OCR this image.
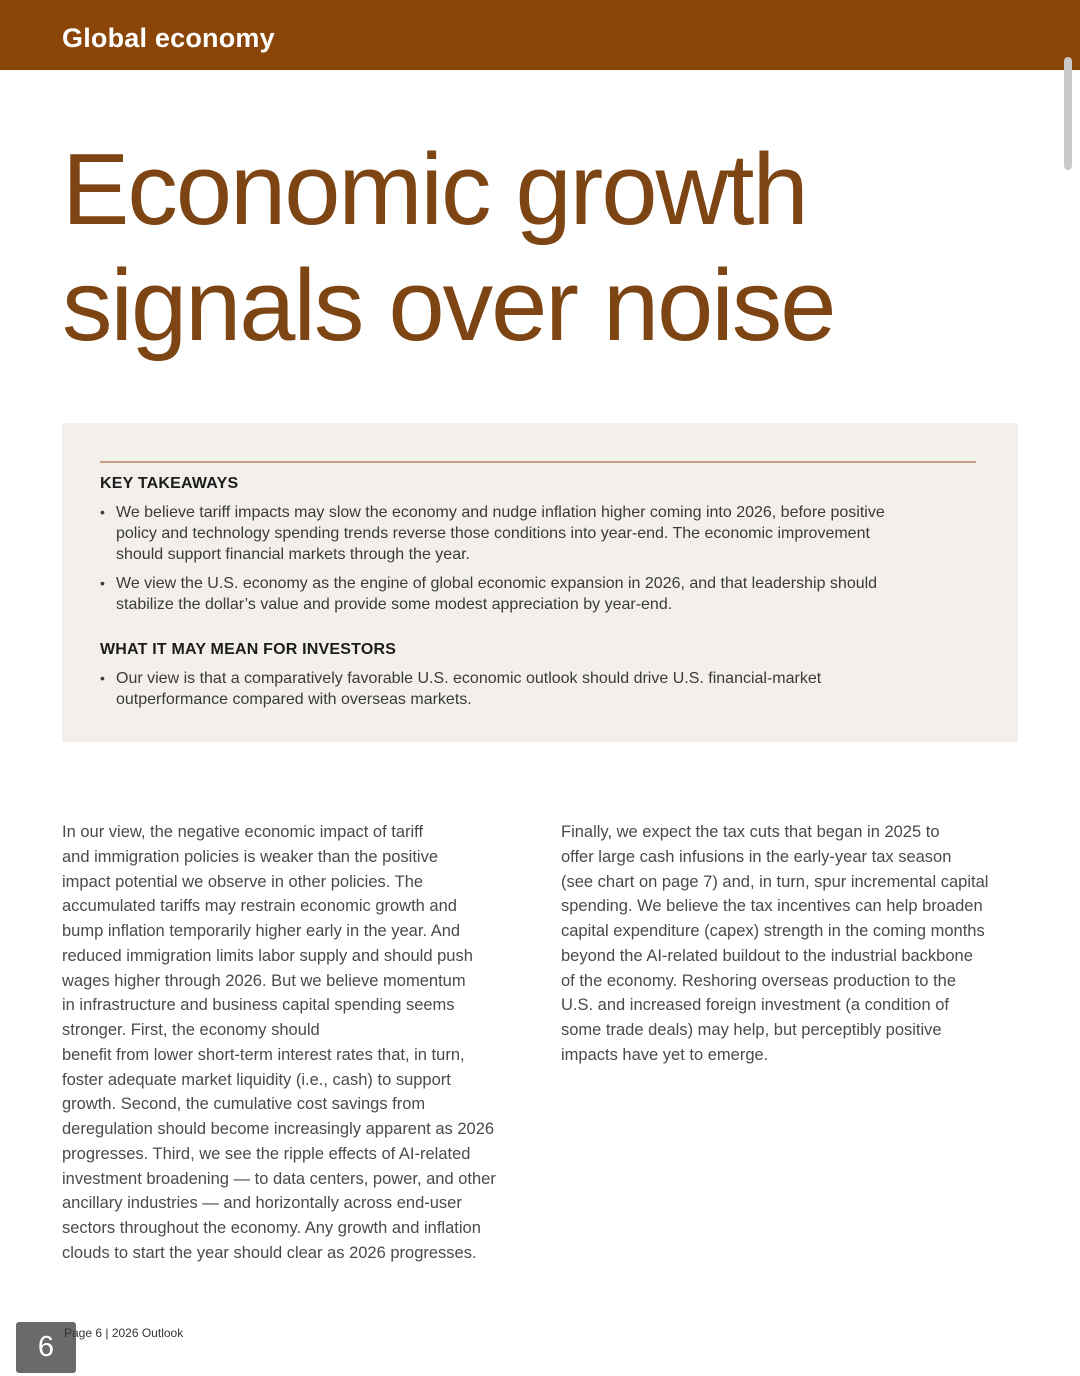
Global economy
Economic growth
signals over noise
KEY TAKEAWAYS
• We believe tariff impacts may slow the economy and nudge inflation higher coming into 2026, before positive
policy and technology spending trends reverse those conditions into year-end. The economic improvement
should support financial markets through the year.
• We view the U.S. economy as the engine of global economic expansion in 2026, and that leadership should
stabilize the dollar’s value and provide some modest appreciation by year-end.
WHAT IT MAY MEAN FOR INVESTORS
• Our view is that a comparatively favorable U.S. economic outlook should drive U.S. financial-market
outperformance compared with overseas markets.
In our view, the negative economic impact of tariff
and immigration policies is weaker than the positive
impact potential we observe in other policies. The
accumulated tariffs may restrain economic growth and
bump inflation temporarily higher early in the year. And
reduced immigration limits labor supply and should push
wages higher through 2026. But we believe momentum
in infrastructure and business capital spending seems
stronger. First, the economy should
benefit from lower short-term interest rates that, in turn,
foster adequate market liquidity (i.e., cash) to support
growth. Second, the cumulative cost savings from
deregulation should become increasingly apparent as 2026
progresses. Third, we see the ripple effects of AI-related
investment broadening — to data centers, power, and other
ancillary industries — and horizontally across end-user
sectors throughout the economy. Any growth and inflation
clouds to start the year should clear as 2026 progresses.
Finally, we expect the tax cuts that began in 2025 to
offer large cash infusions in the early-year tax season
(see chart on page 7) and, in turn, spur incremental capital
spending. We believe the tax incentives can help broaden
capital expenditure (capex) strength in the coming months
beyond the AI-related buildout to the industrial backbone
of the economy. Reshoring overseas production to the
U.S. and increased foreign investment (a condition of
some trade deals) may help, but perceptibly positive
impacts have yet to emerge.
6 Page 6 | 2026 Outlook
